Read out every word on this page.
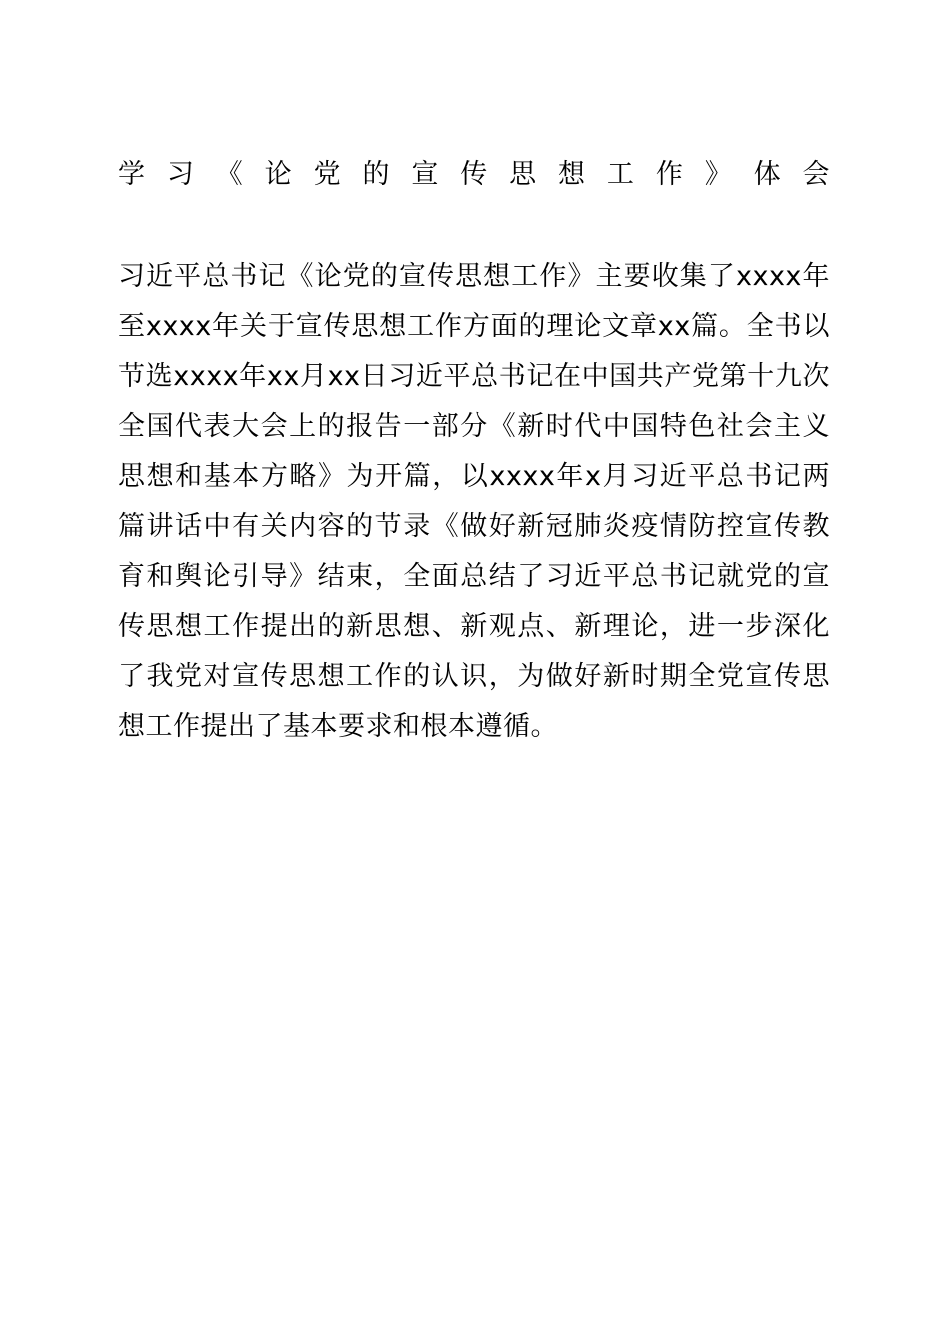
学习《论党的宣传思想工作》体会

习近平总书记《论党的宣传思想工作》主要收集了xxxx年至xxxx年关于宣传思想工作方面的理论文章xx篇。全书以节选xxxx年xx月xx日习近平总书记在中国共产党第十九次全国代表大会上的报告一部分《新时代中国特色社会主义思想和基本方略》为开篇，以xxxx年x月习近平总书记两篇讲话中有关内容的节录《做好新冠肺炎疫情防控宣传教育和舆论引导》结束，全面总结了习近平总书记就党的宣传思想工作提出的新思想、新观点、新理论，进一步深化了我党对宣传思想工作的认识，为做好新时期全党宣传思想工作提出了基本要求和根本遵循。
